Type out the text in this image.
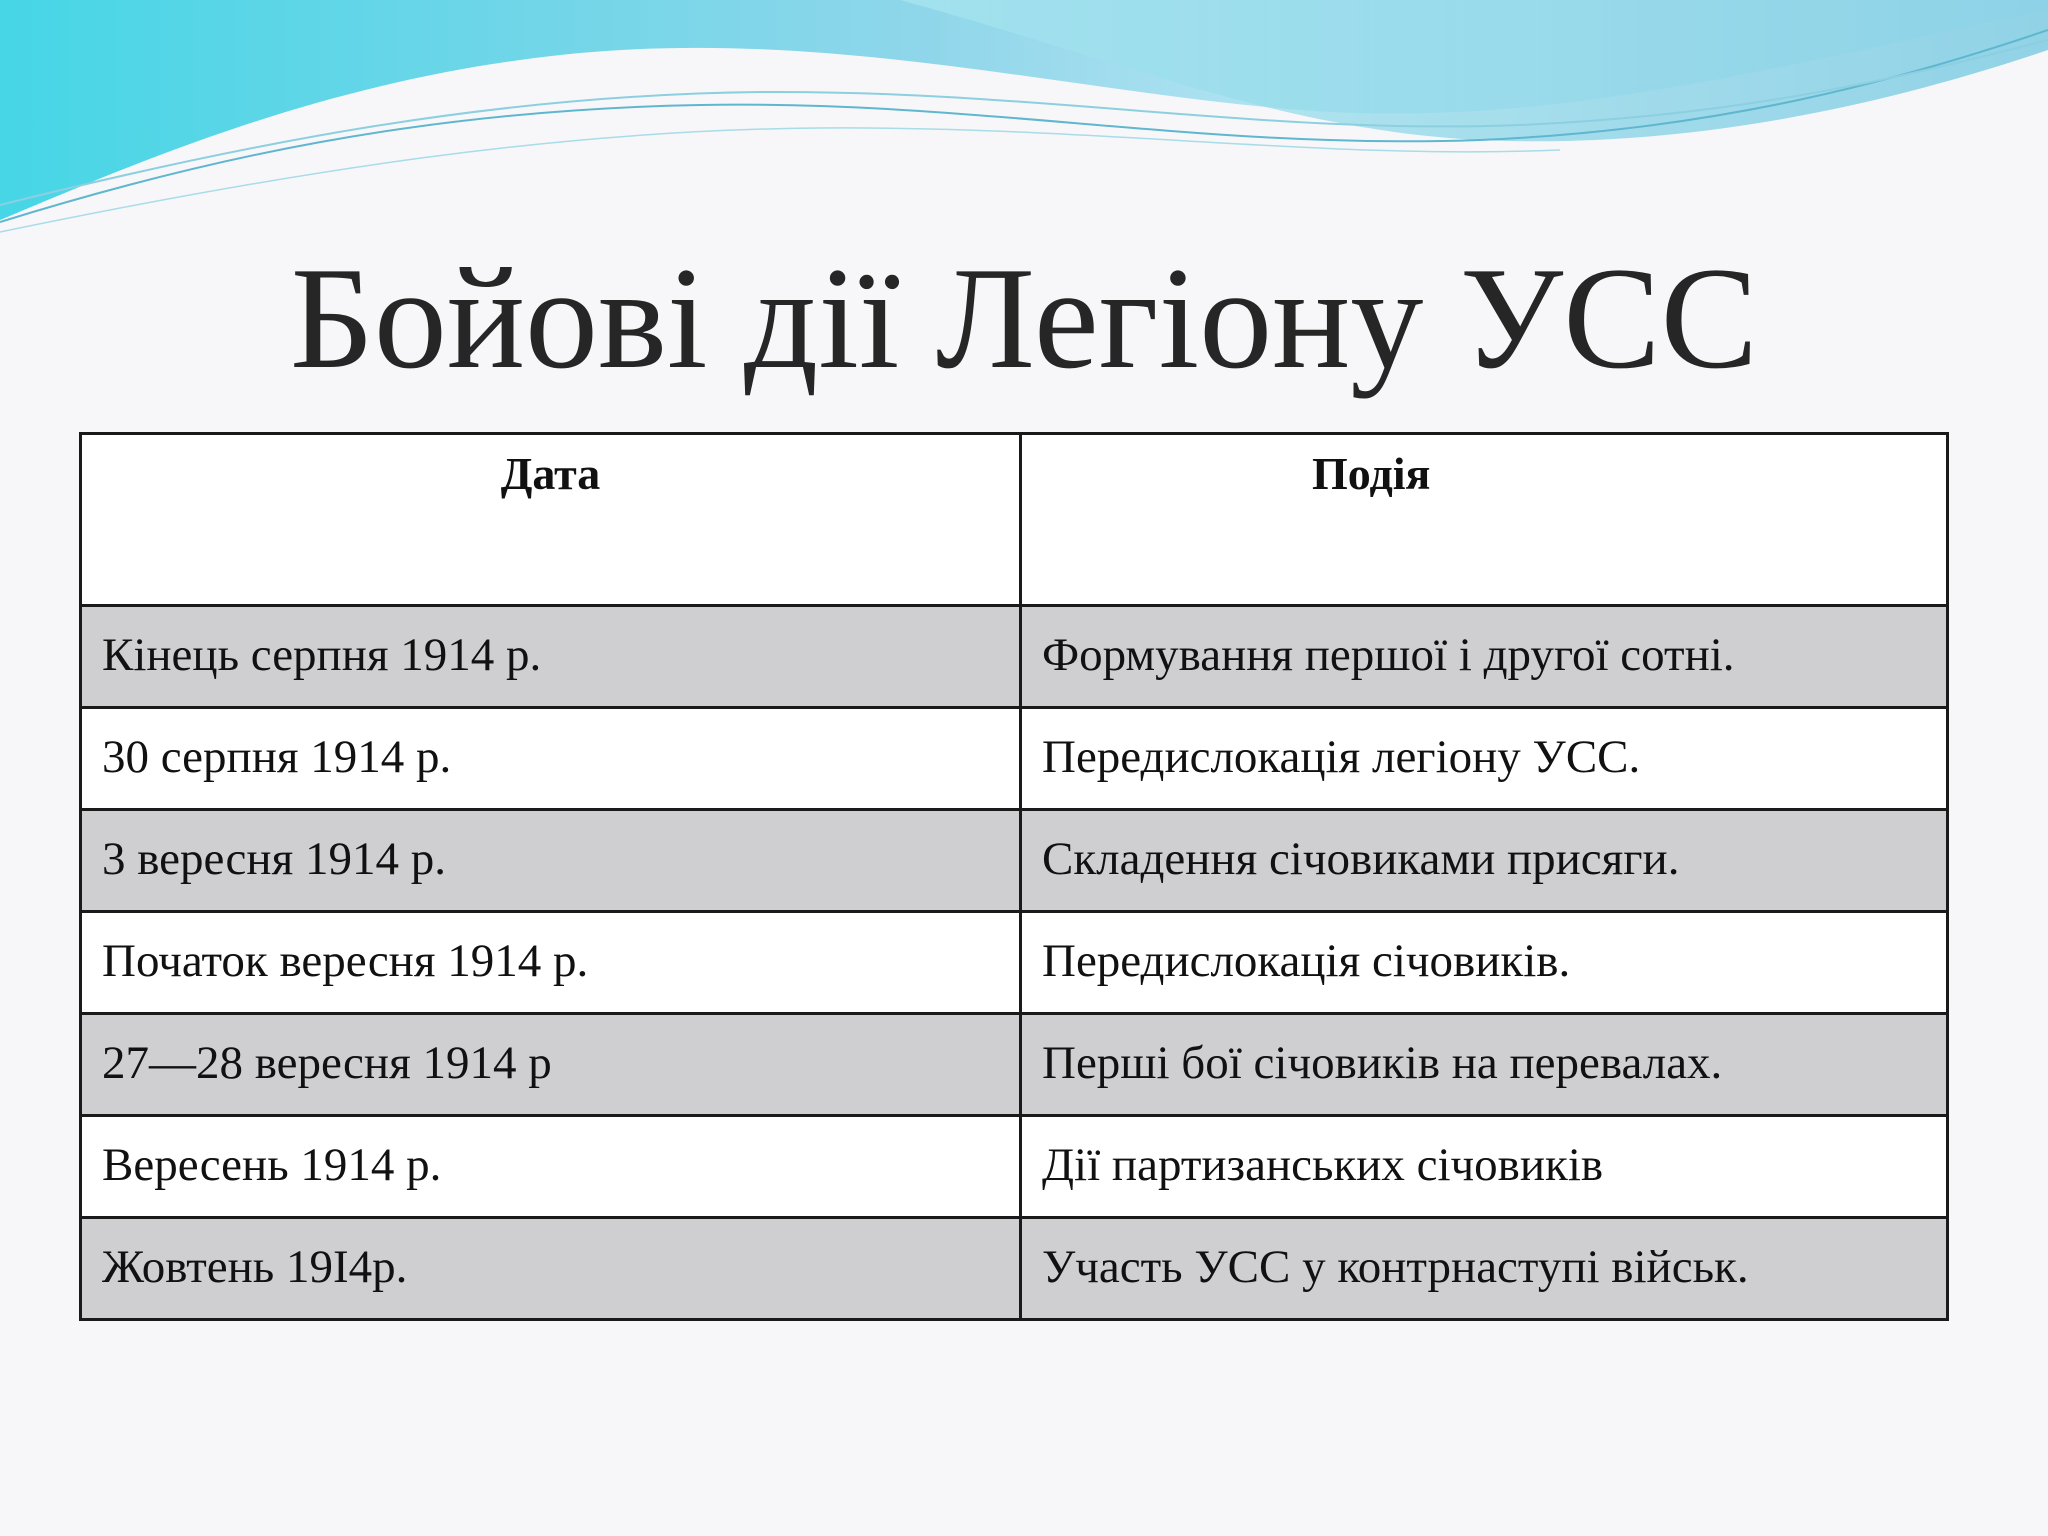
Бойові дії Легіону УСС
Дата	Подія
Кінець серпня 1914 р.	Формування першої і другої сотні.
30 серпня 1914 р.	Передислокація легіону УСС.
3 вересня 1914 р.	Складення січовиками присяги.
Початок вересня 1914 р.	Передислокація січовиків.
27—28 вересня 1914 р	Перші бої січовиків на перевалах.
Вересень 1914 р.	Дії партизанських січовиків
Жовтень 19I4р.	Участь УСС у контрнаступі військ.
